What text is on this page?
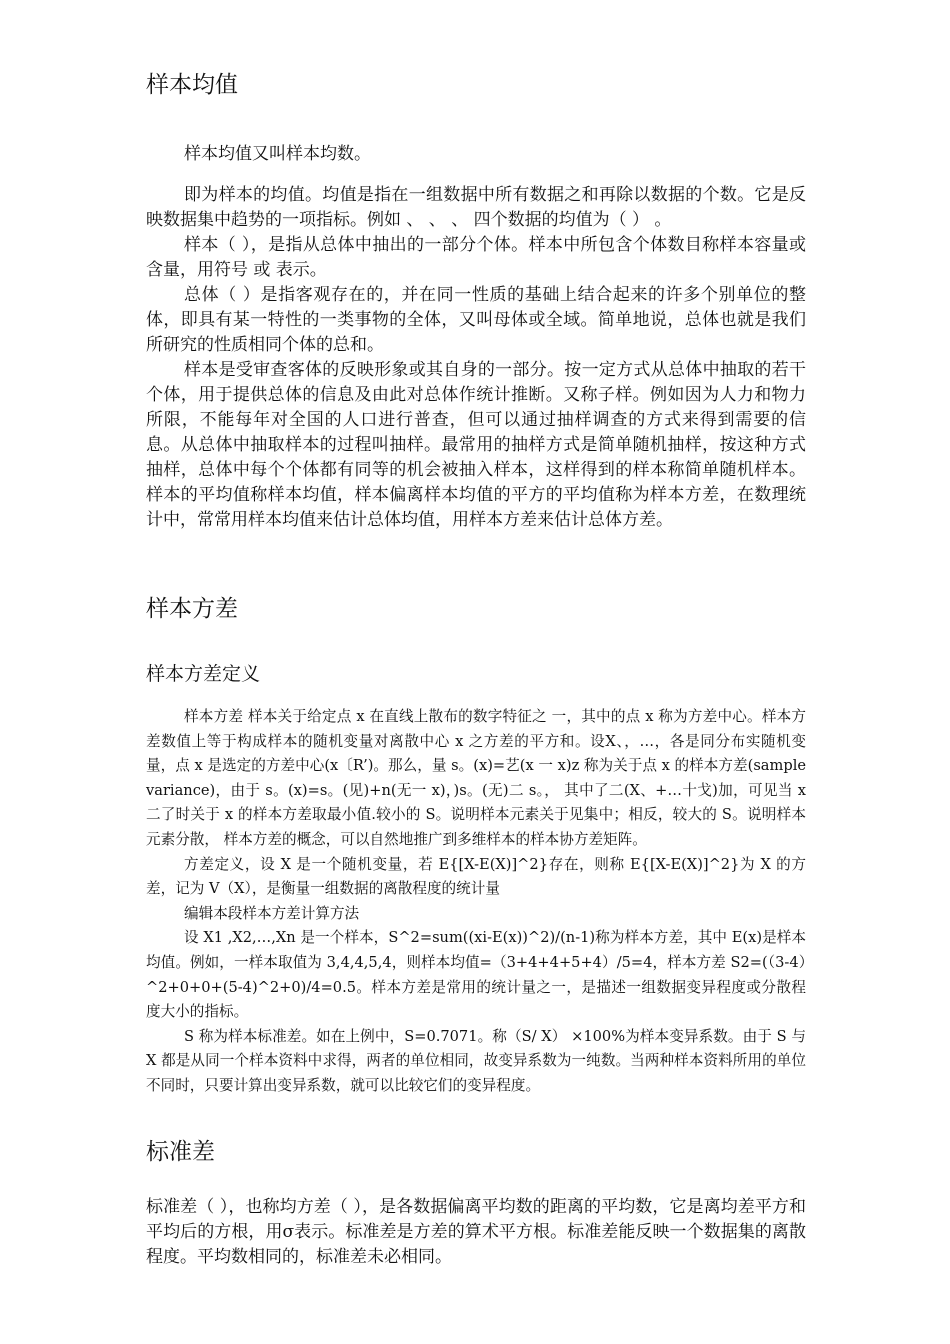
样本均值

样本均值又叫样本均数。

即为样本的均值。均值是指在一组数据中所有数据之和再除以数据的个数。它是反映数据集中趋势的一项指标。例如 、 、 、 四个数据的均值为（ ） 。

样本（ ），是指从总体中抽出的一部分个体。样本中所包含个体数目称样本容量或含量，用符号 或 表示。

总体（ ）是指客观存在的，并在同一性质的基础上结合起来的许多个别单位的整体，即具有某一特性的一类事物的全体，又叫母体或全域。简单地说，总体也就是我们所研究的性质相同个体的总和。

样本是受审查客体的反映形象或其自身的一部分。按一定方式从总体中抽取的若干个体，用于提供总体的信息及由此对总体作统计推断。又称子样。例如因为人力和物力所限，不能每年对全国的人口进行普查，但可以通过抽样调查的方式来得到需要的信息。从总体中抽取样本的过程叫抽样。最常用的抽样方式是简单随机抽样，按这种方式抽样，总体中每个个体都有同等的机会被抽入样本，这样得到的样本称简单随机样本。样本的平均值称样本均值，样本偏离样本均值的平方的平均值称为样本方差，在数理统计中，常常用样本均值来估计总体均值，用样本方差来估计总体方差。

样本方差
样本方差定义

样本方差 样本关于给定点 x 在直线上散布的数字特征之 一，其中的点 x 称为方差中心。样本方差数值上等于构成样本的随机变量对离散中心 x 之方差的平方和。设X、，…，各是同分布实随机变 量，点 x 是选定的方差中心(x〔R’)。那么，量 s。(x)=艺(x 一 x)z 称为关于点 x 的样本方差(sample variance)，由于 s。(x)=s。(见)+n(无一 x)，)s。(无)二 s。， 其中了二(X、+…十戈)加，可见当 x 二了时关于 x 的样本方差取最小值.较小的 S。说明样本元素关于见集中；相反，较大的 S。说明样本元素分散， 样本方差的概念，可以自然地推广到多维样本的样本协方差矩阵。

方差定义，设 X 是一个随机变量，若 E{[X-E(X)]^2}存在，则称 E{[X-E(X)]^2}为 X 的方差，记为 V（X），是衡量一组数据的离散程度的统计量

编辑本段样本方差计算方法

设 X1 ,X2,…,Xn 是一个样本，S^2=sum((xi-E(x))^2)/(n-1)称为样本方差，其中 E(x)是样本均值。例如，一样本取值为 3,4,4,5,4，则样本均值=（3+4+4+5+4）/5=4，样本方差 S2=(（3-4）^2+0+0+(5-4)^2+0)/4=0.5。样本方差是常用的统计量之一，是描述一组数据变异程度或分散程度大小的指标。

S 称为样本标准差。如在上例中，S=0.7071。称（S/ X） ×100%为样本变异系数。由于 S 与 X 都是从同一个样本资料中求得，两者的单位相同，故变异系数为一纯数。当两种样本资料所用的单位不同时，只要计算出变异系数，就可以比较它们的变异程度。

标准差

标准差（ ），也称均方差（ ），是各数据偏离平均数的距离的平均数，它是离均差平方和平均后的方根，用σ表示。标准差是方差的算术平方根。标准差能反映一个数据集的离散程度。平均数相同的，标准差未必相同。
